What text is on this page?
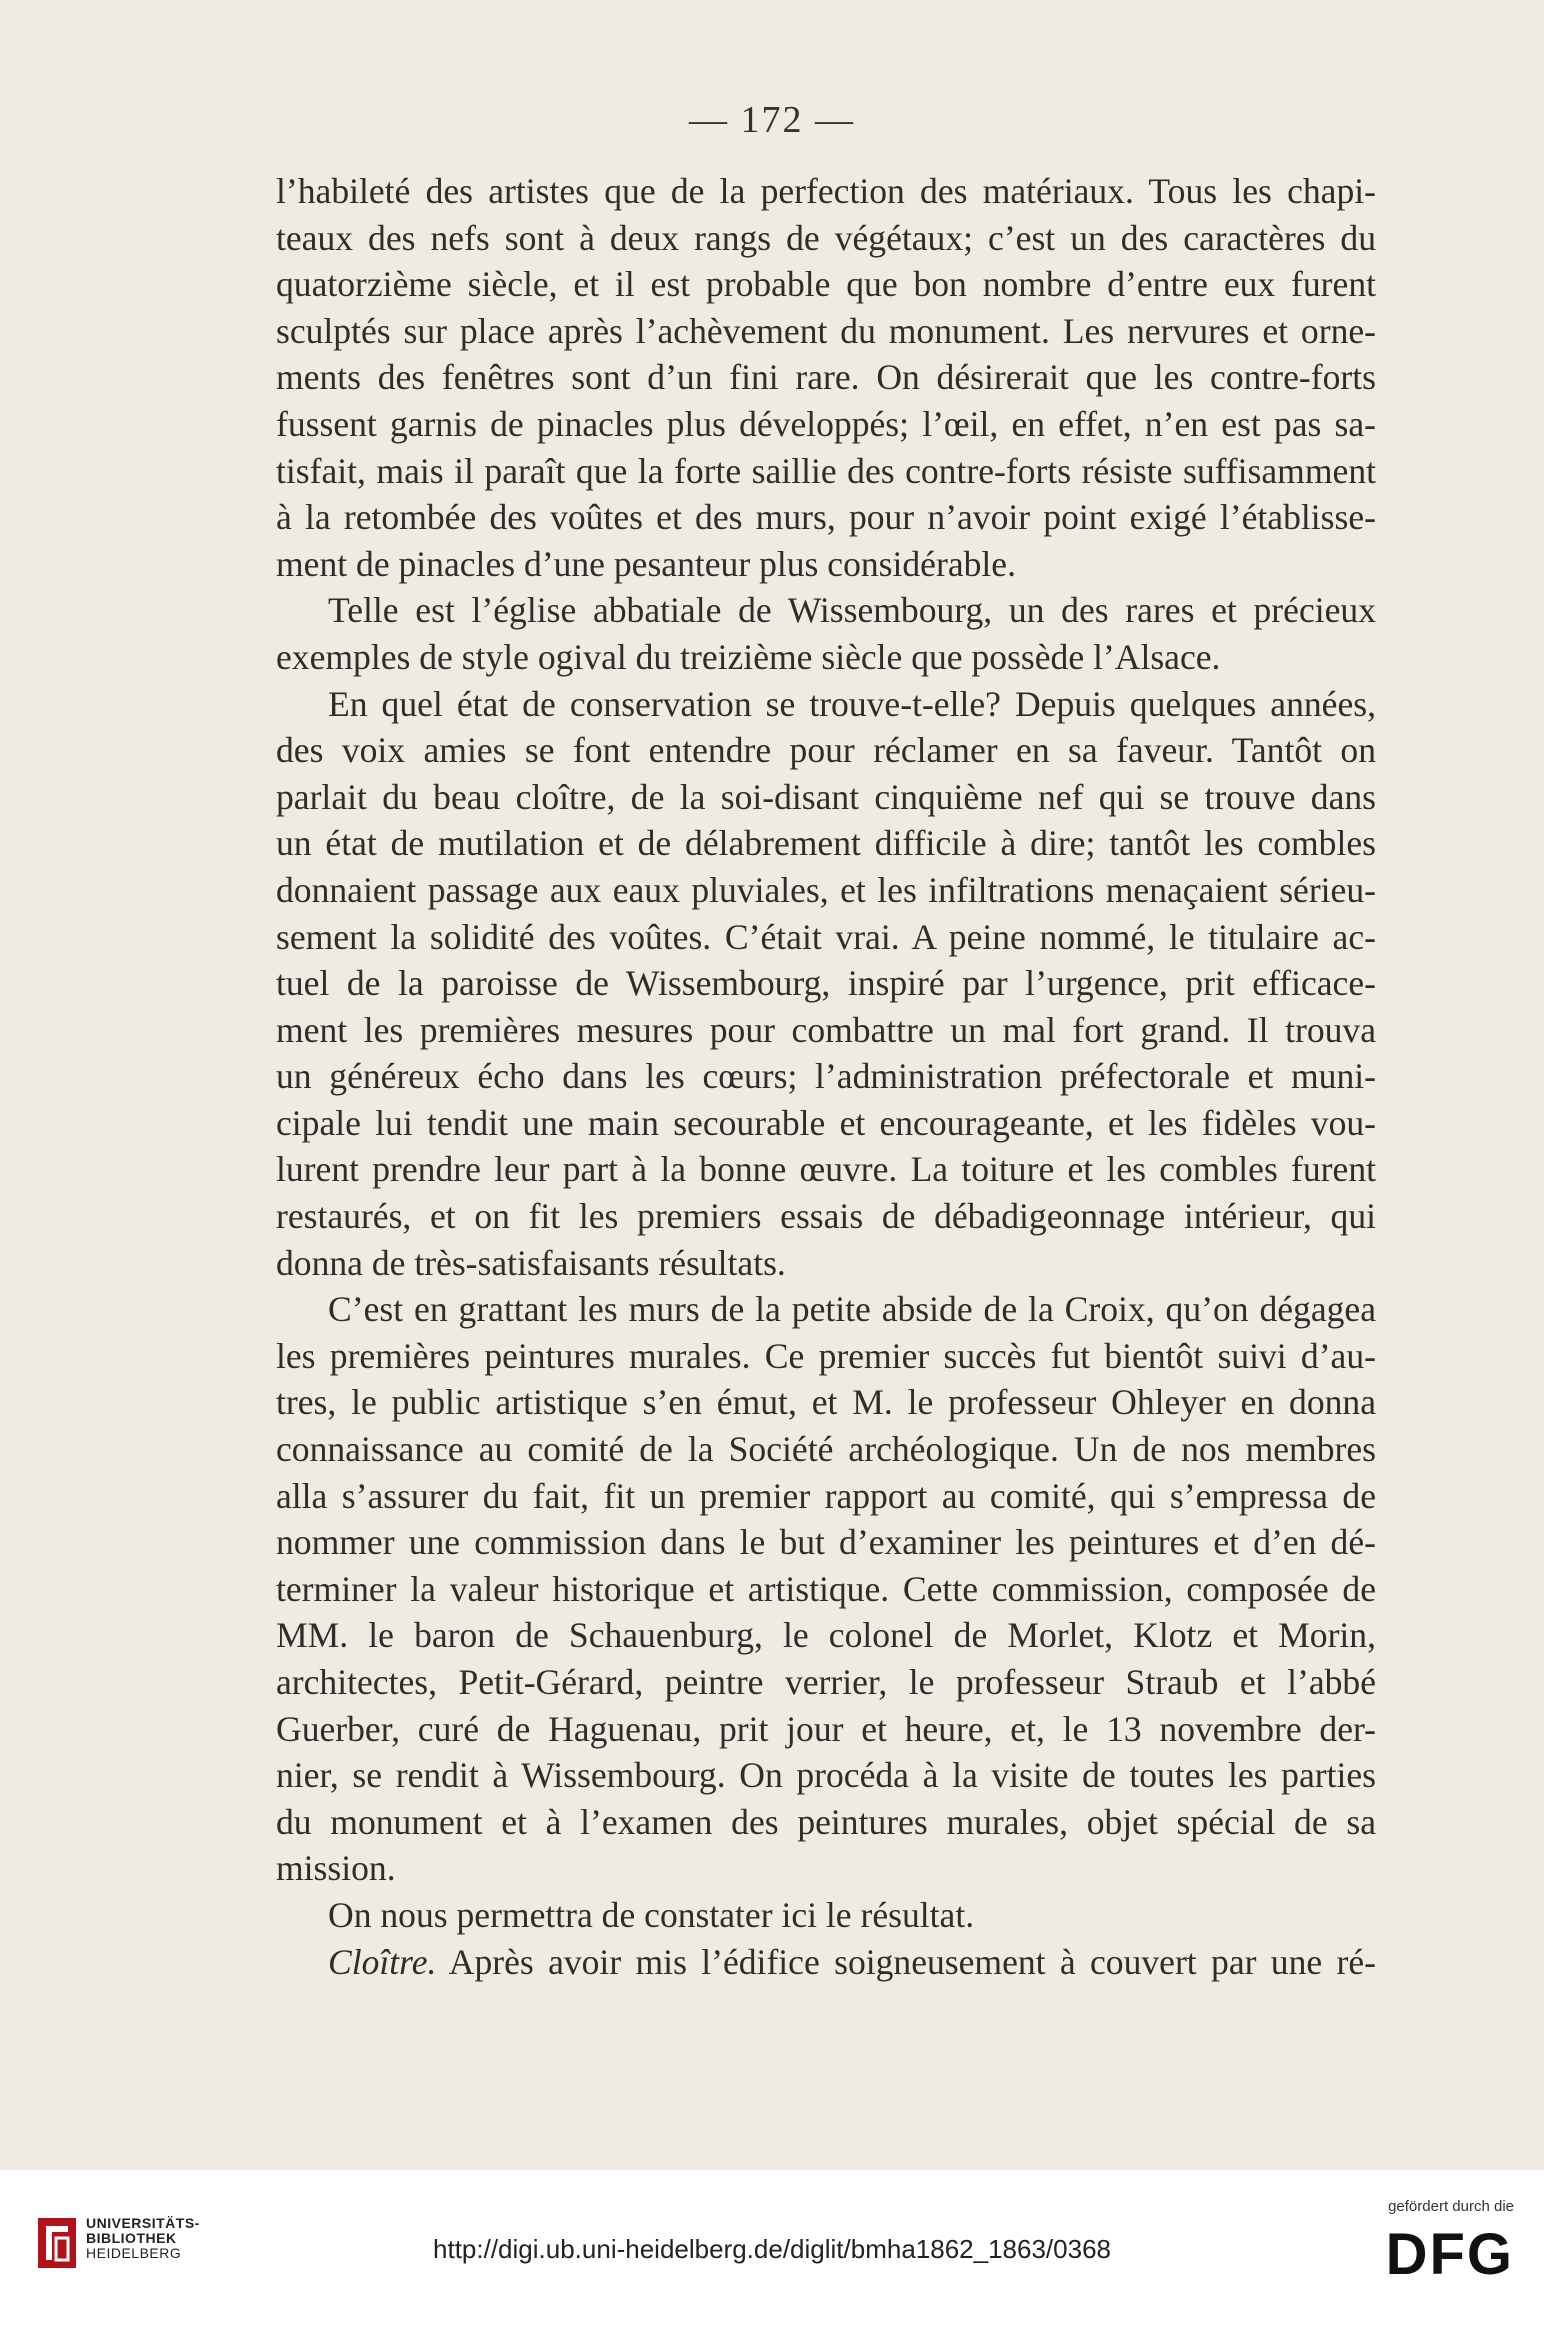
— 172 —
l’habileté des artistes que de la perfection des matériaux. Tous les chapi-
teaux des nefs sont à deux rangs de végétaux; c’est un des caractères du
quatorzième siècle, et il est probable que bon nombre d’entre eux furent
sculptés sur place après l’achèvement du monument. Les nervures et orne-
ments des fenêtres sont d’un fini rare. On désirerait que les contre-forts
fussent garnis de pinacles plus développés; l’œil, en effet, n’en est pas sa-
tisfait, mais il paraît que la forte saillie des contre-forts résiste suffisamment
à la retombée des voûtes et des murs, pour n’avoir point exigé l’établisse-
ment de pinacles d’une pesanteur plus considérable.
Telle est l’église abbatiale de Wissembourg, un des rares et précieux
exemples de style ogival du treizième siècle que possède l’Alsace.
En quel état de conservation se trouve-t-elle? Depuis quelques années,
des voix amies se font entendre pour réclamer en sa faveur. Tantôt on
parlait du beau cloître, de la soi-disant cinquième nef qui se trouve dans
un état de mutilation et de délabrement difficile à dire; tantôt les combles
donnaient passage aux eaux pluviales, et les infiltrations menaçaient sérieu-
sement la solidité des voûtes. C’était vrai. A peine nommé, le titulaire ac-
tuel de la paroisse de Wissembourg, inspiré par l’urgence, prit efficace-
ment les premières mesures pour combattre un mal fort grand. Il trouva
un généreux écho dans les cœurs; l’administration préfectorale et muni-
cipale lui tendit une main secourable et encourageante, et les fidèles vou-
lurent prendre leur part à la bonne œuvre. La toiture et les combles furent
restaurés, et on fit les premiers essais de débadigeonnage intérieur, qui
donna de très-satisfaisants résultats.
C’est en grattant les murs de la petite abside de la Croix, qu’on dégagea
les premières peintures murales. Ce premier succès fut bientôt suivi d’au-
tres, le public artistique s’en émut, et M. le professeur Ohleyer en donna
connaissance au comité de la Société archéologique. Un de nos membres
alla s’assurer du fait, fit un premier rapport au comité, qui s’empressa de
nommer une commission dans le but d’examiner les peintures et d’en dé-
terminer la valeur historique et artistique. Cette commission, composée de
MM. le baron de Schauenburg, le colonel de Morlet, Klotz et Morin,
architectes, Petit-Gérard, peintre verrier, le professeur Straub et l’abbé
Guerber, curé de Haguenau, prit jour et heure, et, le 13 novembre der-
nier, se rendit à Wissembourg. On procéda à la visite de toutes les parties
du monument et à l’examen des peintures murales, objet spécial de sa
mission.
On nous permettra de constater ici le résultat.
Cloître. Après avoir mis l’édifice soigneusement à couvert par une ré-
UNIVERSITÄTS-
BIBLIOTHEK
HEIDELBERG	http://digi.ub.uni-heidelberg.de/diglit/bmha1862_1863/0368
gefördert durch die
DFG
